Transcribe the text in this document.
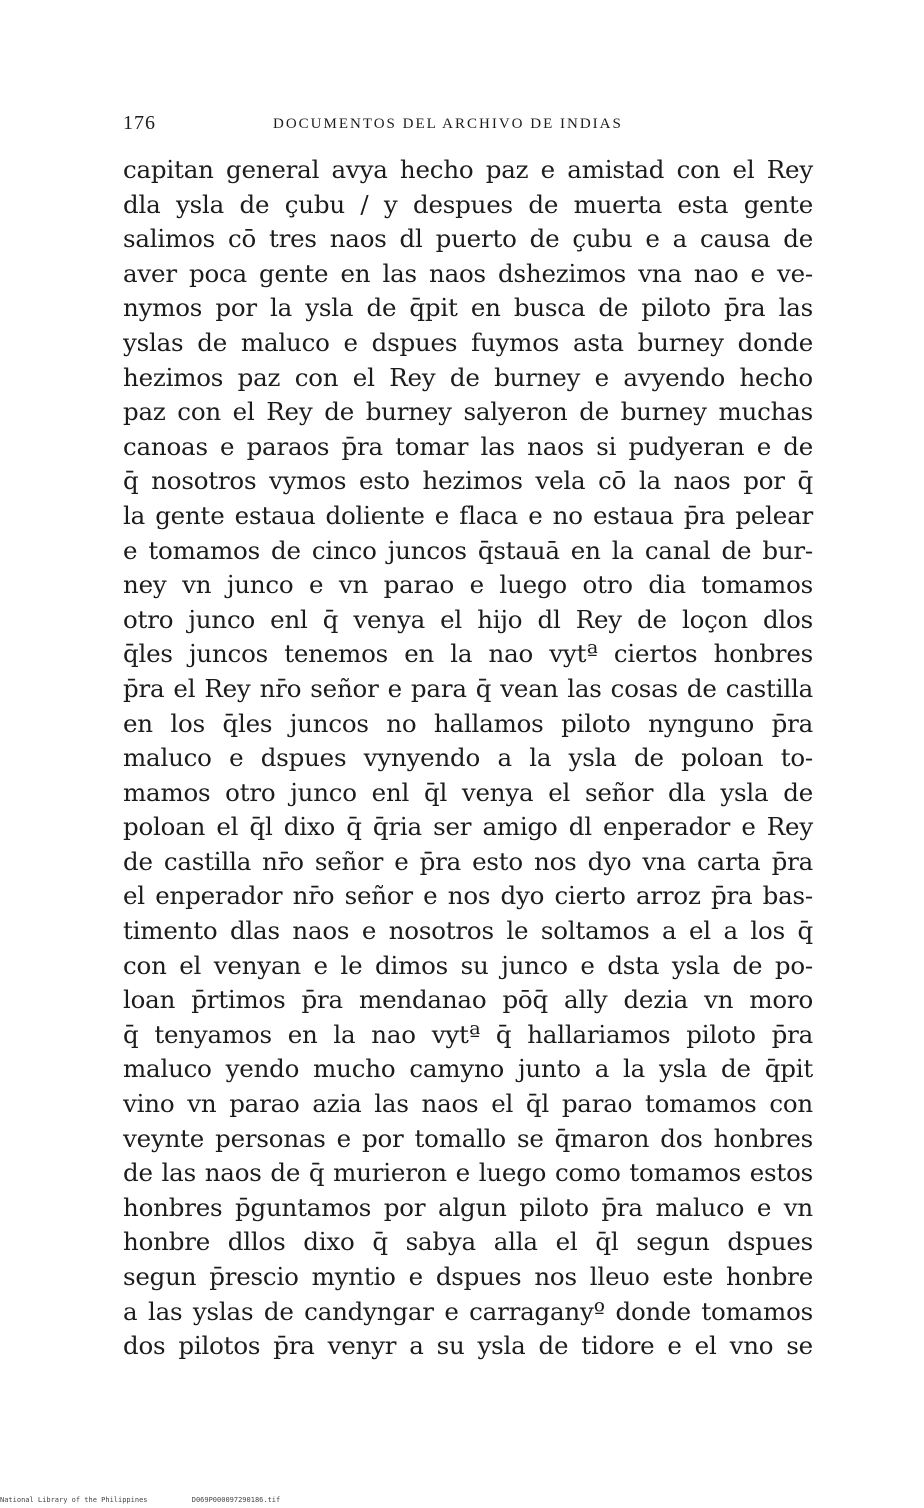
176	DOCUMENTOS DEL ARCHIVO DE INDIAS
capitan general avya hecho paz e amistad con el Rey
dla ysla de çubu / y despues de muerta esta gente
salimos cō tres naos dl puerto de çubu e a causa de
aver poca gente en las naos dshezimos vna nao e ve-
nymos por la ysla de q̄pit en busca de piloto p̄ra las
yslas de maluco e dspues fuymos asta burney donde
hezimos paz con el Rey de burney e avyendo hecho
paz con el Rey de burney salyeron de burney muchas
canoas e paraos p̄ra tomar las naos si pudyeran e de
q̄ nosotros vymos esto hezimos vela cō la naos por q̄
la gente estaua doliente e flaca e no estaua p̄ra pelear
e tomamos de cinco juncos q̄stauā en la canal de bur-
ney vn junco e vn parao e luego otro dia tomamos
otro junco enl q̄ venya el hijo dl Rey de loçon dlos
q̄les juncos tenemos en la nao vytª ciertos honbres
p̄ra el Rey nr̄o señor e para q̄ vean las cosas de castilla
en los q̄les juncos no hallamos piloto nynguno p̄ra
maluco e dspues vynyendo a la ysla de poloan to-
mamos otro junco enl q̄l venya el señor dla ysla de
poloan el q̄l dixo q̄ q̄ria ser amigo dl enperador e Rey
de castilla nr̄o señor e p̄ra esto nos dyo vna carta p̄ra
el enperador nr̄o señor e nos dyo cierto arroz p̄ra bas-
timento dlas naos e nosotros le soltamos a el a los q̄
con el venyan e le dimos su junco e dsta ysla de po-
loan p̄rtimos p̄ra mendanao pōq̄ ally dezia vn moro
q̄ tenyamos en la nao vytª q̄ hallariamos piloto p̄ra
maluco yendo mucho camyno junto a la ysla de q̄pit
vino vn parao azia las naos el q̄l parao tomamos con
veynte personas e por tomallo se q̄maron dos honbres
de las naos de q̄ murieron e luego como tomamos estos
honbres p̄guntamos por algun piloto p̄ra maluco e vn
honbre dllos dixo q̄ sabya alla el q̄l segun dspues
segun p̄rescio myntio e dspues nos lleuo este honbre
a las yslas de candyngar e carraganyº donde tomamos
dos pilotos p̄ra venyr a su ysla de tidore e el vno se
National Library of the Philippines	D069P000097290186.tif
